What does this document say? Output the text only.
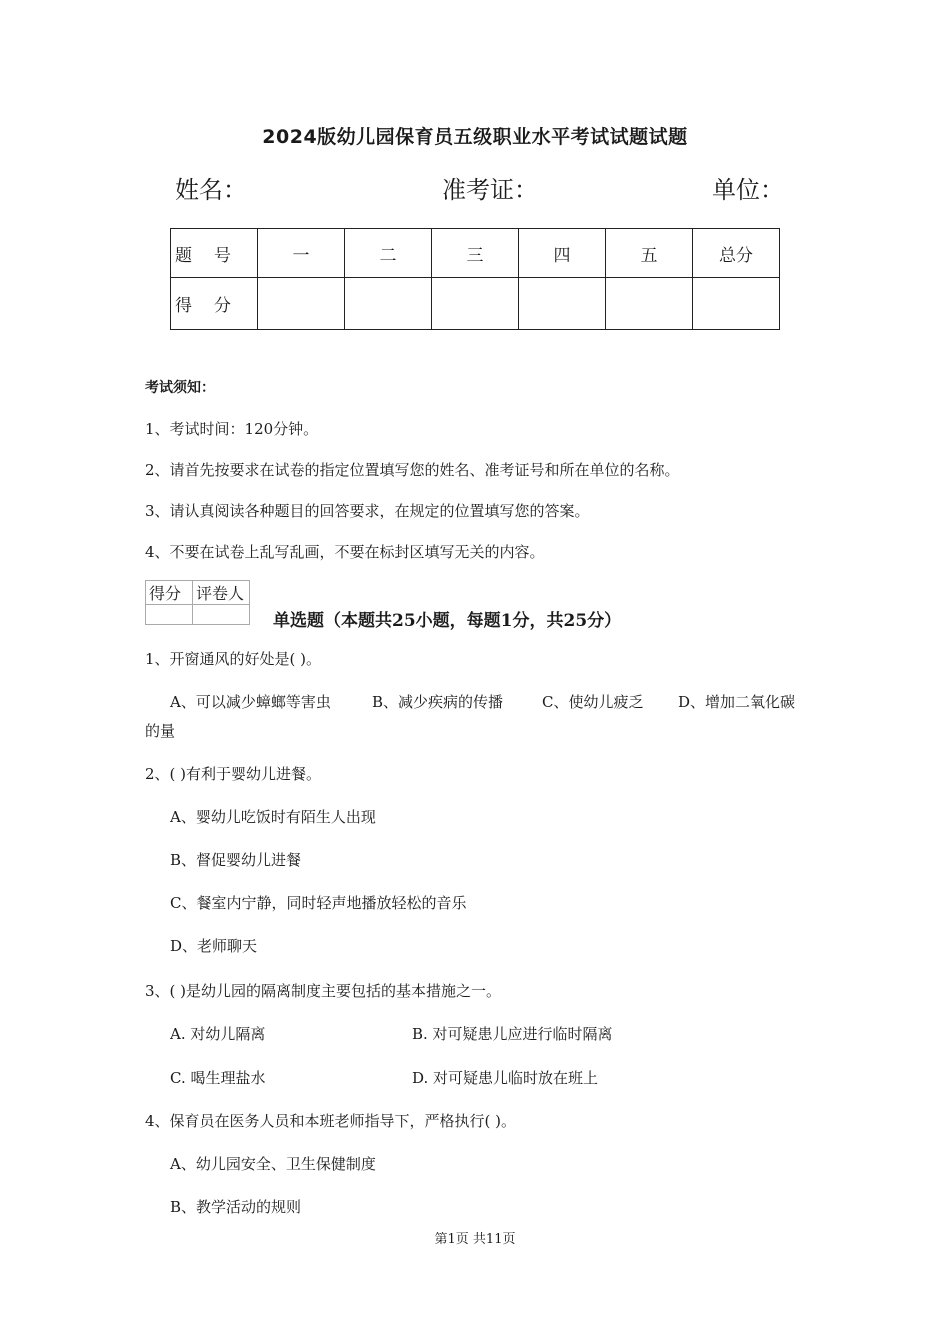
2024版幼儿园保育员五级职业水平考试试题试题
姓名：	准考证：	单位：
题号	一	二	三	四	五	总分
得分						
考试须知：
1、考试时间：120分钟。
2、请首先按要求在试卷的指定位置填写您的姓名、准考证号和所在单位的名称。
3、请认真阅读各种题目的回答要求，在规定的位置填写您的答案。
4、不要在试卷上乱写乱画，不要在标封区填写无关的内容。
得分	评卷人

单选题（本题共25小题，每题1分，共25分）
1、开窗通风的好处是( )。
A、可以减少蟑螂等害虫	B、减少疾病的传播	C、使幼儿疲乏 D、增加二氧化碳
的量
2、( )有利于婴幼儿进餐。
A、婴幼儿吃饭时有陌生人出现
B、督促婴幼儿进餐
C、餐室内宁静，同时轻声地播放轻松的音乐
D、老师聊天
3、( )是幼儿园的隔离制度主要包括的基本措施之一。
A. 对幼儿隔离	B. 对可疑患儿应进行临时隔离
C. 喝生理盐水	D. 对可疑患儿临时放在班上
4、保育员在医务人员和本班老师指导下，严格执行( )。
A、幼儿园安全、卫生保健制度
B、教学活动的规则
第1页 共11页
